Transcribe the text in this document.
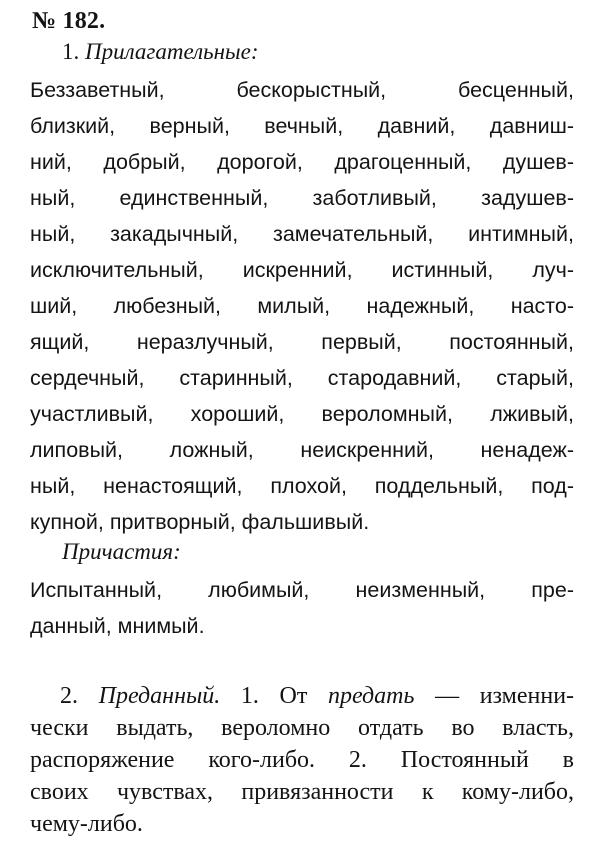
№ 182.

1. Прилагательные:

Беззаветный, бескорыстный, бесценный,

близкий, верный, вечный, давний, давниш-

ний, добрый, дорогой, драгоценный, душев-

ный, единственный, заботливый, задушев-

ный, закадычный, замечательный, интимный,

исключительный, искренний, истинный, луч-

ший, любезный, милый, надежный, насто-

ящий, неразлучный, первый, постоянный,

сердечный, старинный, стародавний, старый,

участливый, хороший, вероломный, лживый,

липовый, ложный, неискренний, ненадеж-

ный, ненастоящий, плохой, поддельный, под-

купной, притворный, фальшивый.

Причастия:

Испытанный, любимый, неизменный, пре-

данный, мнимый.

2. Преданный. 1. От предать — изменни-

чески выдать, вероломно отдать во власть,

распоряжение кого-либо. 2. Постоянный в

своих чувствах, привязанности к кому-либо,

чему-либо.
